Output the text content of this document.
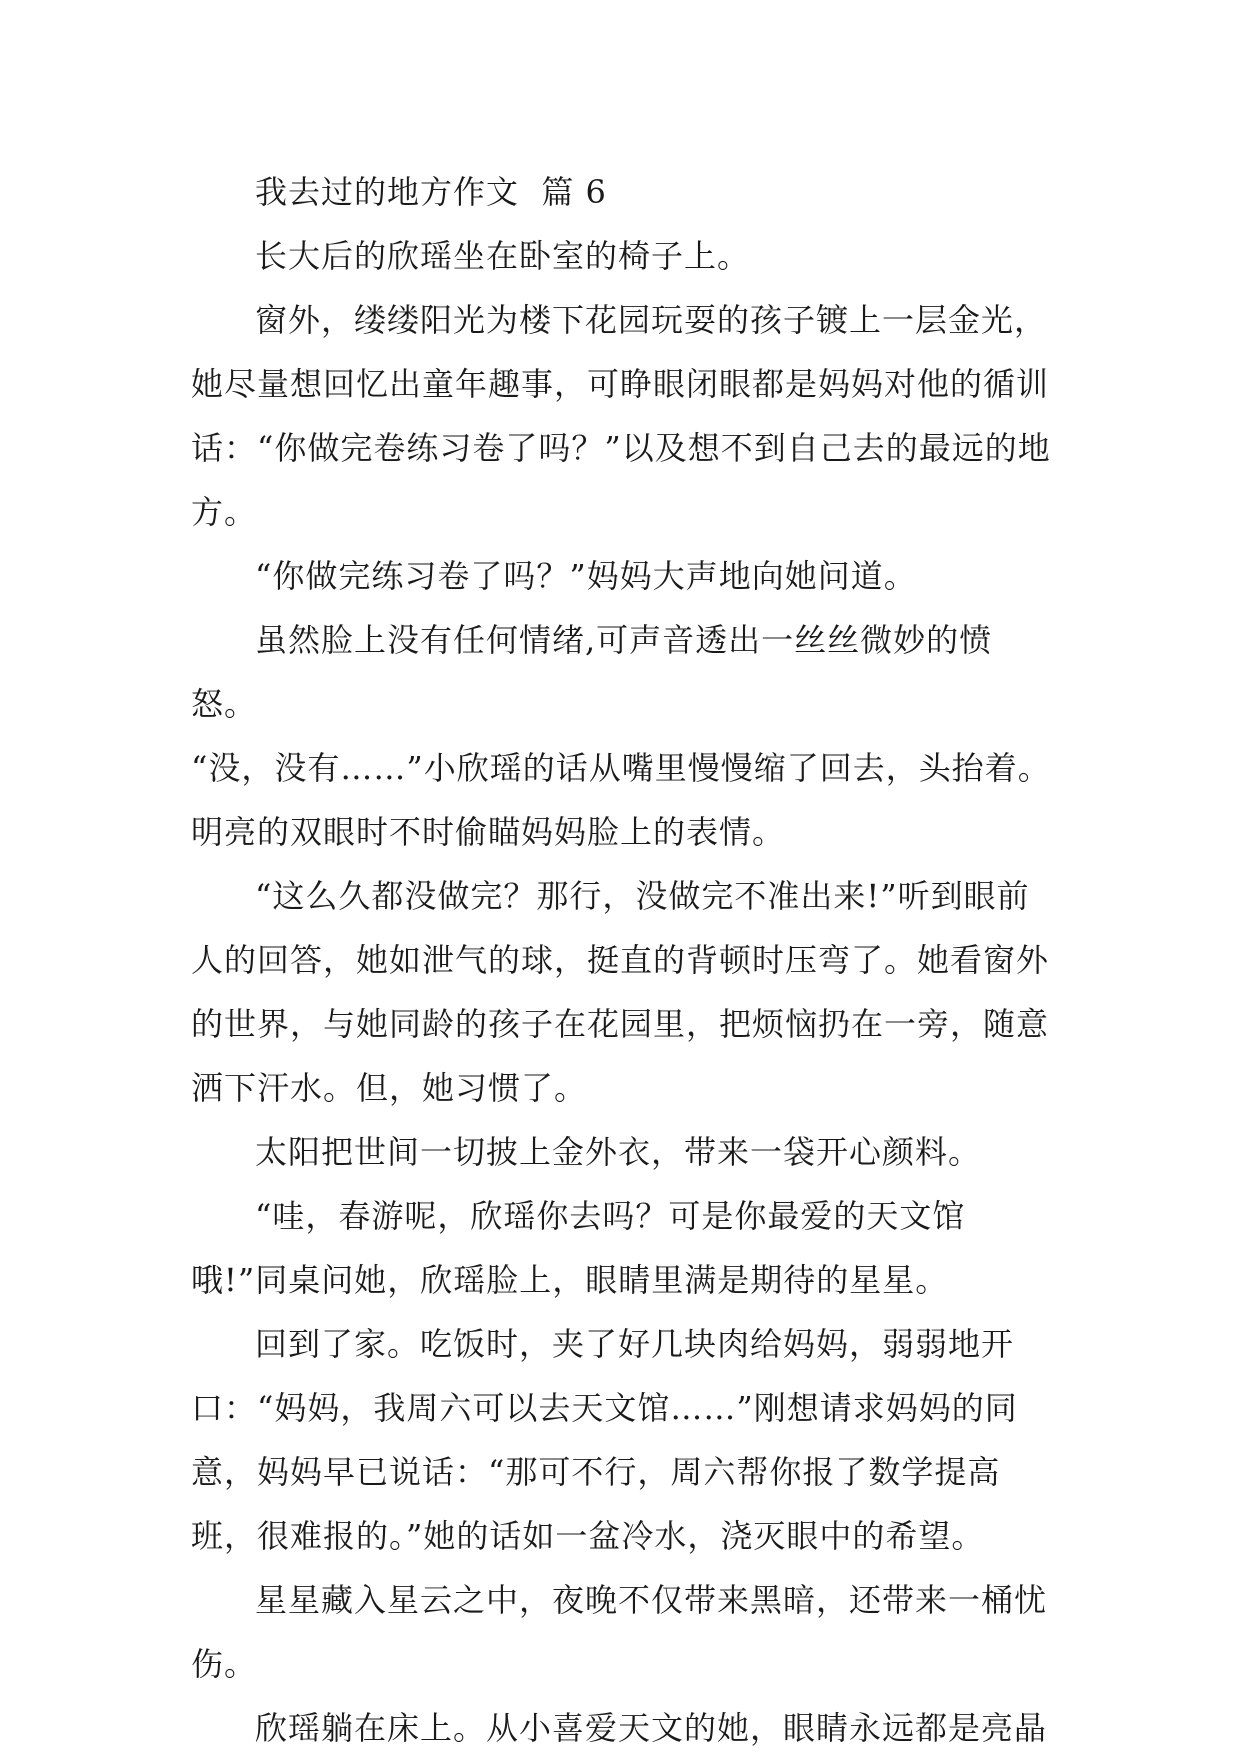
我去过的地方作文  篇 6

长大后的欣瑶坐在卧室的椅子上。

窗外，缕缕阳光为楼下花园玩耍的孩子镀上一层金光，她尽量想回忆出童年趣事，可睁眼闭眼都是妈妈对他的循训话：“你做完卷练习卷了吗？”以及想不到自己去的最远的地方。

“你做完练习卷了吗？”妈妈大声地向她问道。

虽然脸上没有任何情绪,可声音透出一丝丝微妙的愤怒。

“没，没有……”小欣瑶的话从嘴里慢慢缩了回去，头抬着。明亮的双眼时不时偷瞄妈妈脸上的表情。

“这么久都没做完？那行，没做完不准出来!”听到眼前人的回答，她如泄气的球，挺直的背顿时压弯了。她看窗外的世界，与她同龄的孩子在花园里，把烦恼扔在一旁，随意洒下汗水。但，她习惯了。

太阳把世间一切披上金外衣，带来一袋开心颜料。

“哇，春游呢，欣瑶你去吗？可是你最爱的天文馆哦!”同桌问她，欣瑶脸上，眼睛里满是期待的星星。

回到了家。吃饭时，夹了好几块肉给妈妈，弱弱地开口：“妈妈，我周六可以去天文馆……”刚想请求妈妈的同意，妈妈早已说话：“那可不行，周六帮你报了数学提高班，很难报的。”她的话如一盆冷水，浇灭眼中的希望。

星星藏入星云之中，夜晚不仅带来黑暗，还带来一桶忧伤。

欣瑶躺在床上。从小喜爱天文的她，眼睛永远都是亮晶
